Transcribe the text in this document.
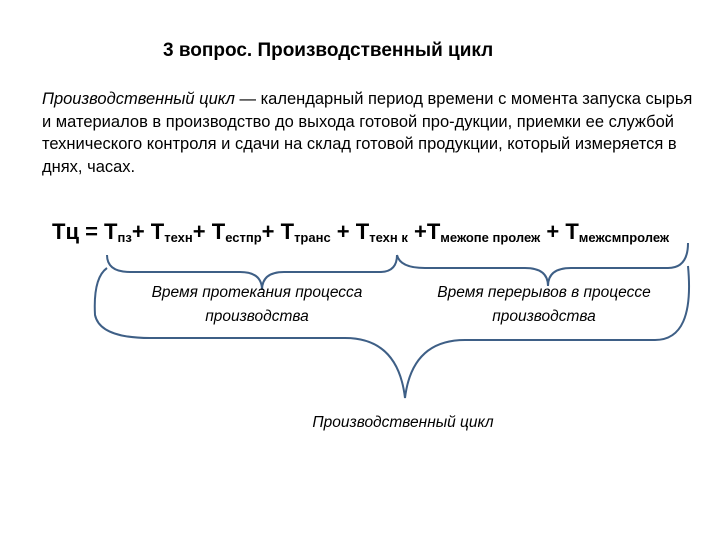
3 вопрос. Производственный цикл
Производственный цикл — календарный период времени с момента запуска сырья и материалов в производство до выхода готовой про-дукции, приемки ее службой технического контроля и сдачи на склад готовой продукции, который измеряется в днях, часах.
Тц = $Т_{пз}+ Т_{техн}+ Т_{естпр}+ Т_{транс} + Т_{техн к} +Т_{межопе пролеж} + Т_{межсмпролеж}$
Время протекания процесса
производства
Время перерывов в процессе
производства
Производственный цикл
